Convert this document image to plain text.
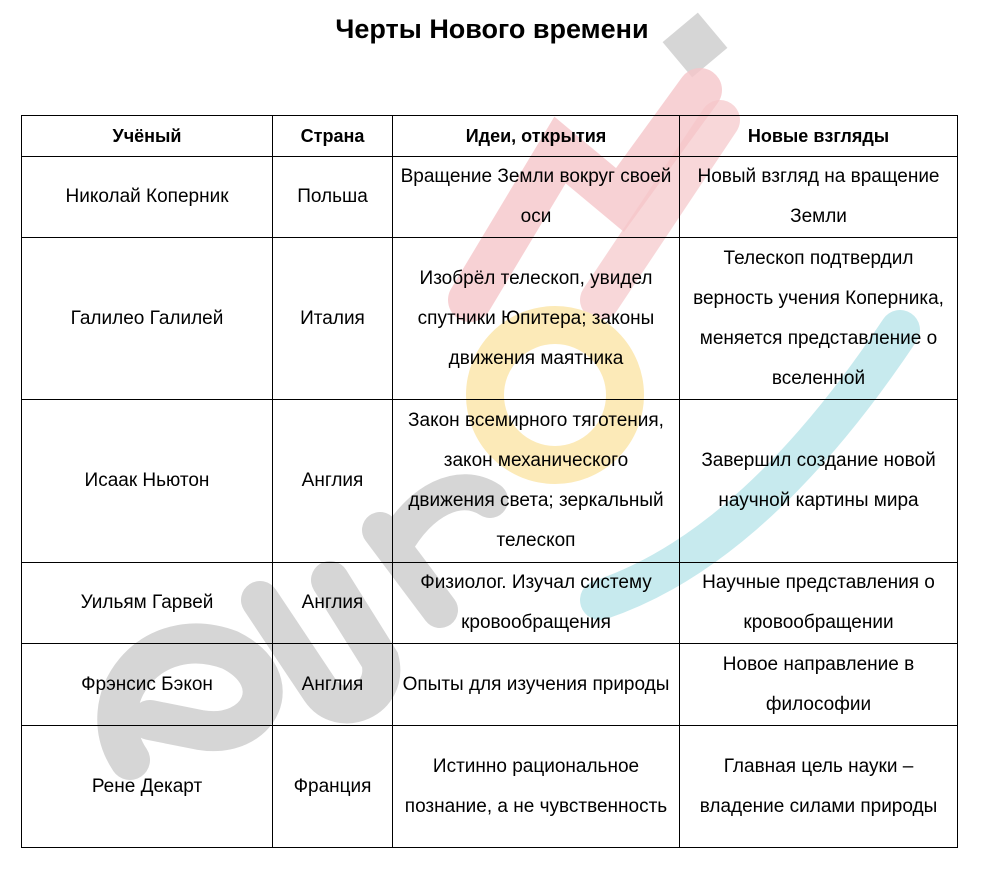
Черты Нового времени
Учёный	Страна	Идеи, открытия	Новые взгляды
Николай Коперник	Польша	Вращение Земли вокруг своей оси	Новый взгляд на вращение Земли
Галилео Галилей	Италия	Изобрёл телескоп, увидел спутники Юпитера; законы движения маятника	Телескоп подтвердил верность учения Коперника, меняется представление о вселенной
Исаак Ньютон	Англия	Закон всемирного тяготения, закон механического движения света; зеркальный телескоп	Завершил создание новой научной картины мира
Уильям Гарвей	Англия	Физиолог. Изучал систему кровообращения	Научные представления о кровообращении
Фрэнсис Бэкон	Англия	Опыты для изучения природы	Новое направление в философии
Рене Декарт	Франция	Истинно рациональное познание, а не чувственность	Главная цель науки – владение силами природы
